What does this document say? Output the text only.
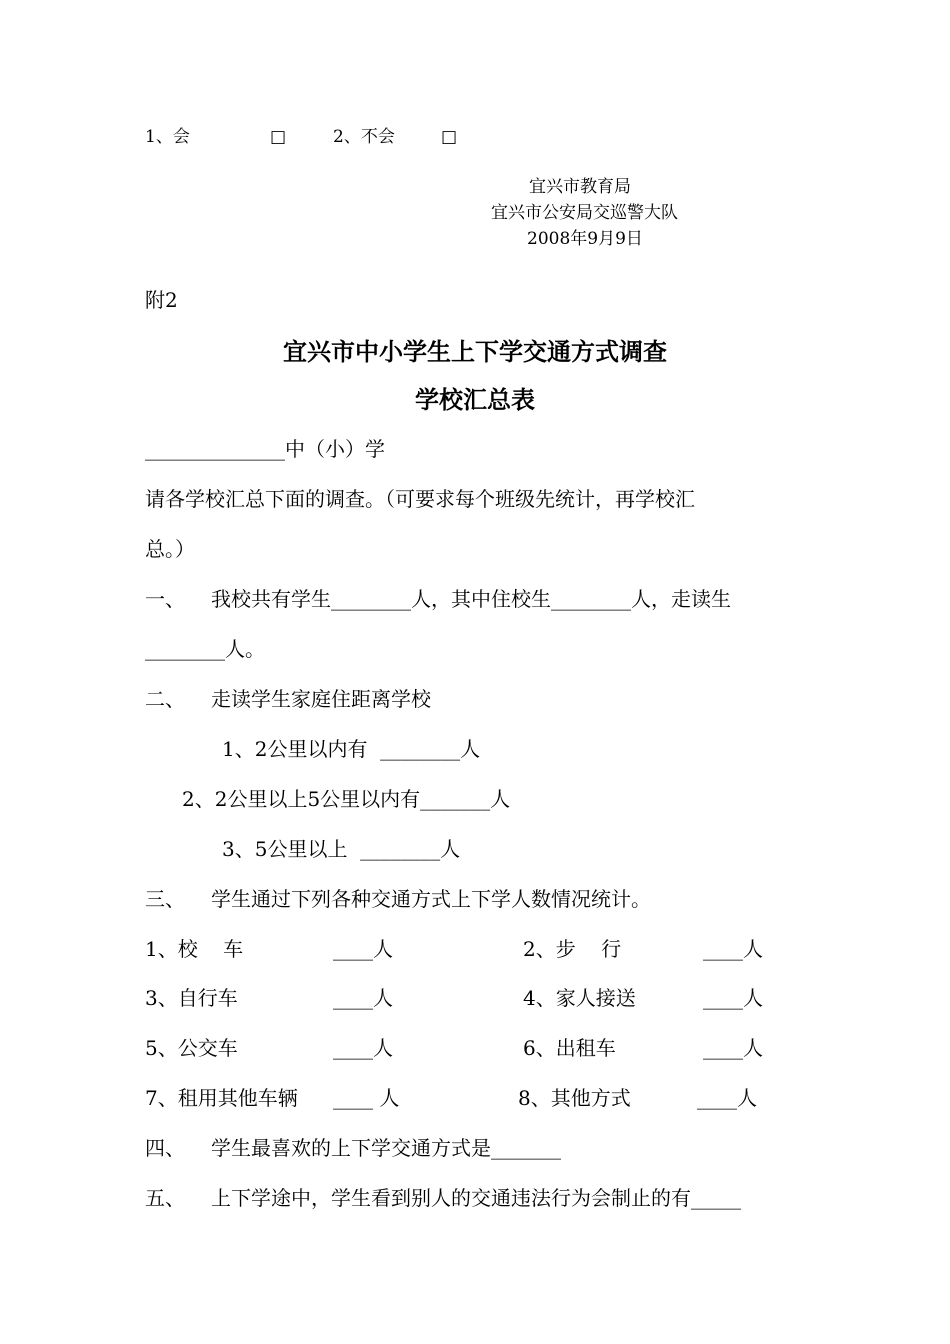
1、会	□	2、不会	□
宜兴市教育局
宜兴市公安局交巡警大队
2008年9月9日
附2
宜兴市中小学生上下学交通方式调查
学校汇总表
______________中（小）学
请各学校汇总下面的调查。（可要求每个班级先统计，再学校汇
总。）
一、 我校共有学生________人，其中住校生________人，走读生
________人。
二、 走读学生家庭住距离学校
1、2公里以内有  ________人
2、2公里以上5公里以内有_______人
3、5公里以上  ________人
三、 学生通过下列各种交通方式上下学人数情况统计。
1、校    车	____人	2、步    行	____人
3、自行车	____人	4、家人接送	____人
5、公交车	____人	6、出租车	____人
7、租用其他车辆 ____ 人	8、其他方式	____人
四、 学生最喜欢的上下学交通方式是_______
五、 上下学途中，学生看到别人的交通违法行为会制止的有_____
